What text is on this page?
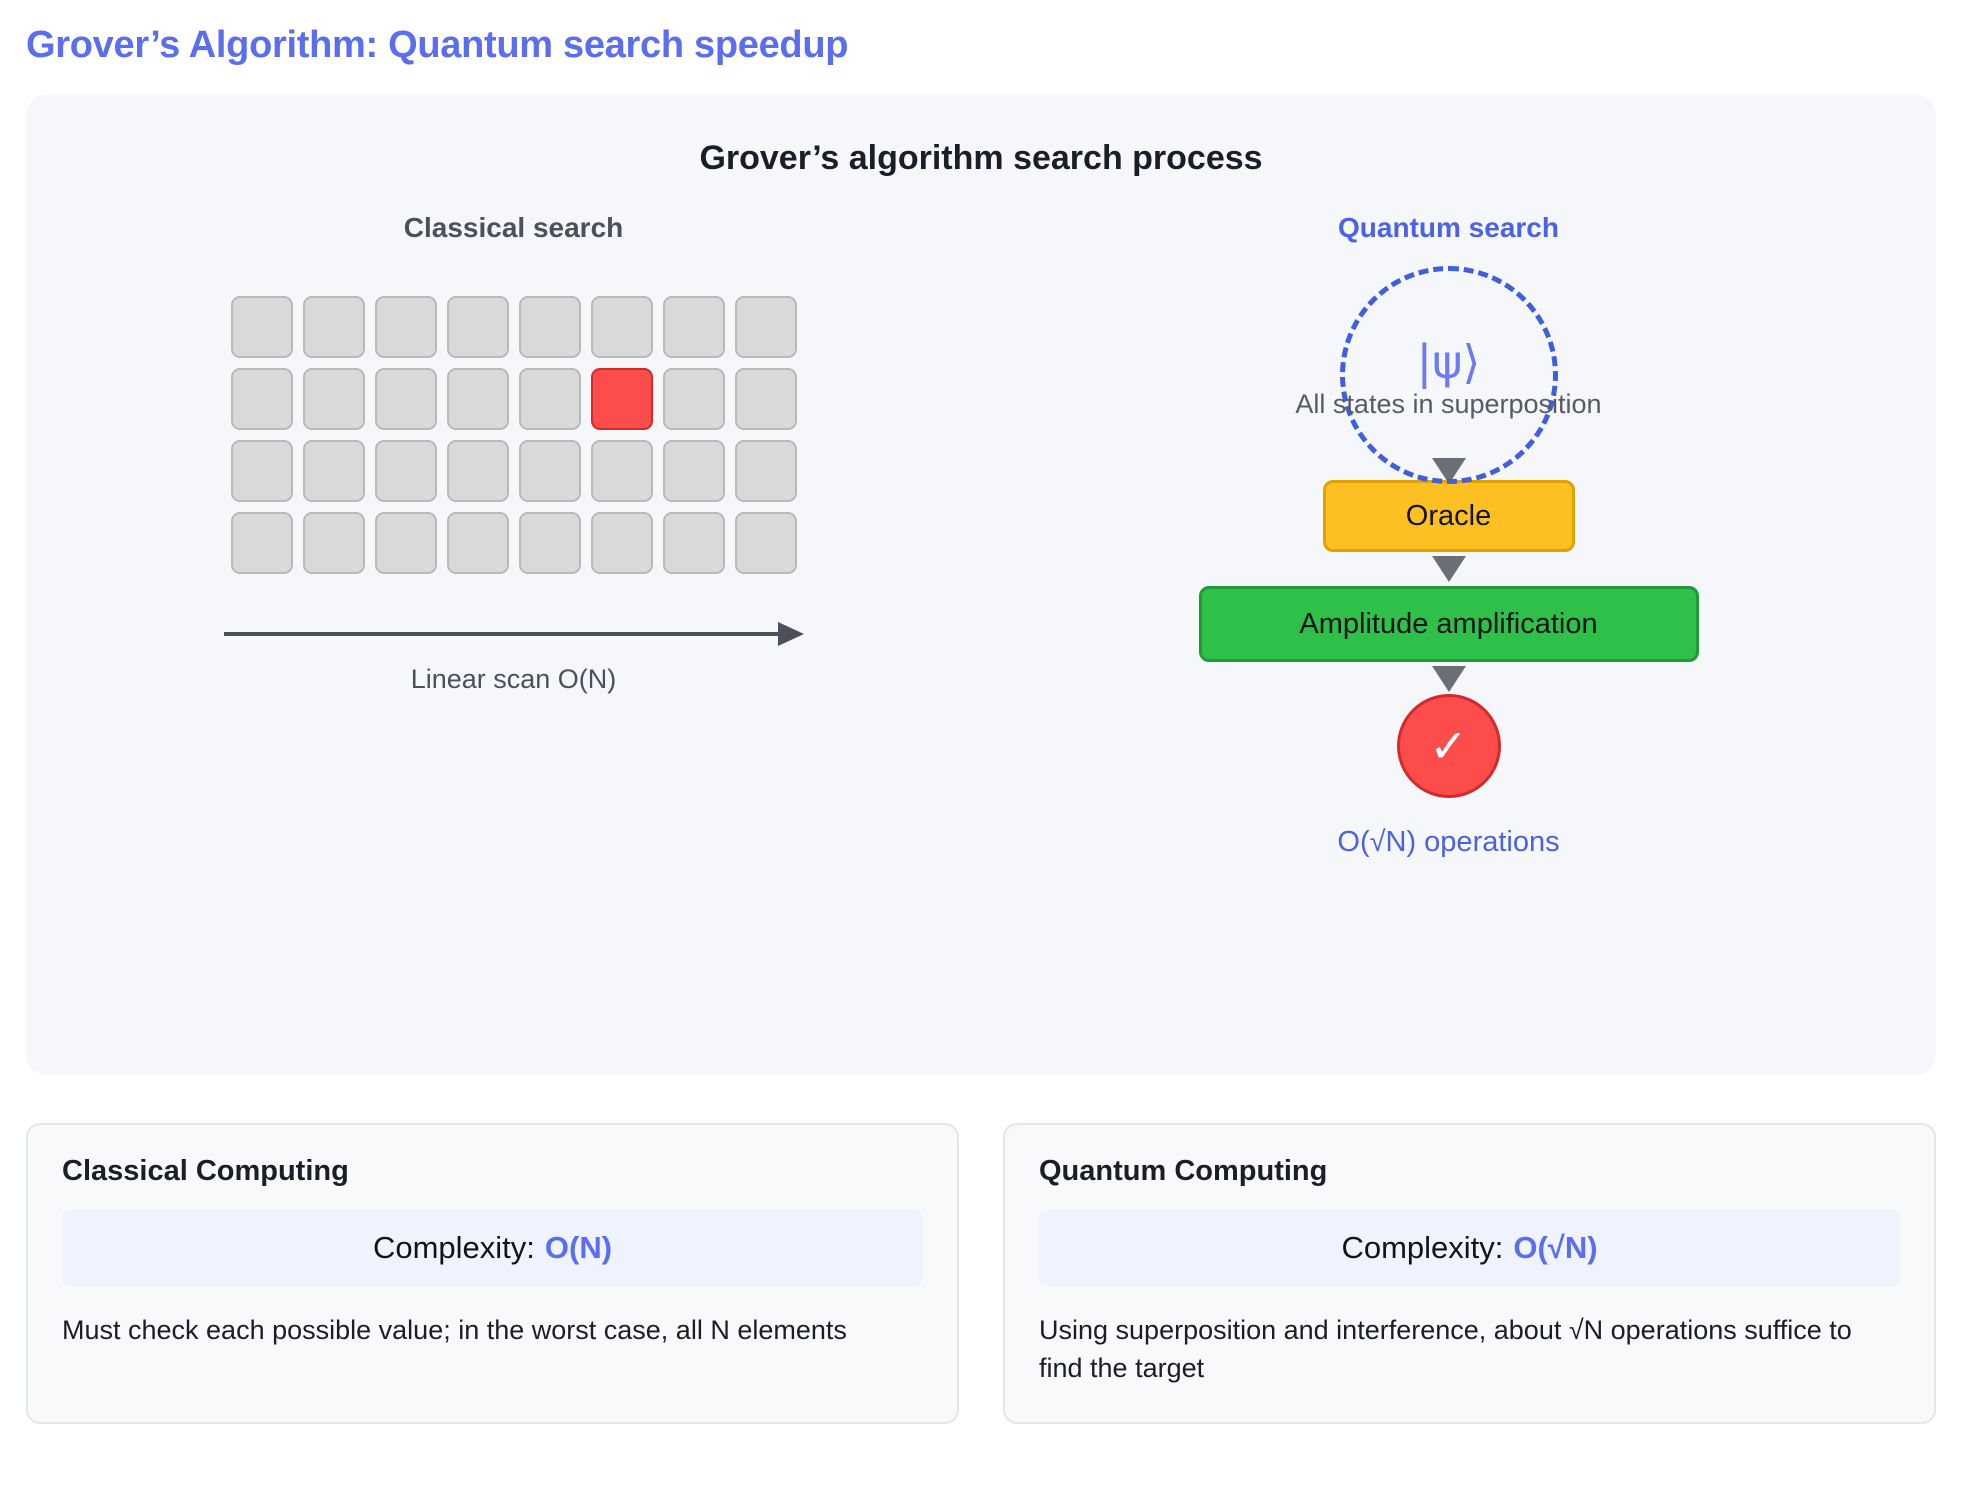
Grover’s Algorithm: Quantum search speedup
Grover’s algorithm search process
Classical search
Linear scan O(N)
Quantum search
|ψ⟩
All states in superposition
Oracle
Amplitude amplification
✓
O(√N) operations
Classical Computing
Complexity: O(N)
Must check each possible value; in the worst case, all N elements
Quantum Computing
Complexity: O(√N)
Using superposition and interference, about √N operations suffice to find the target
